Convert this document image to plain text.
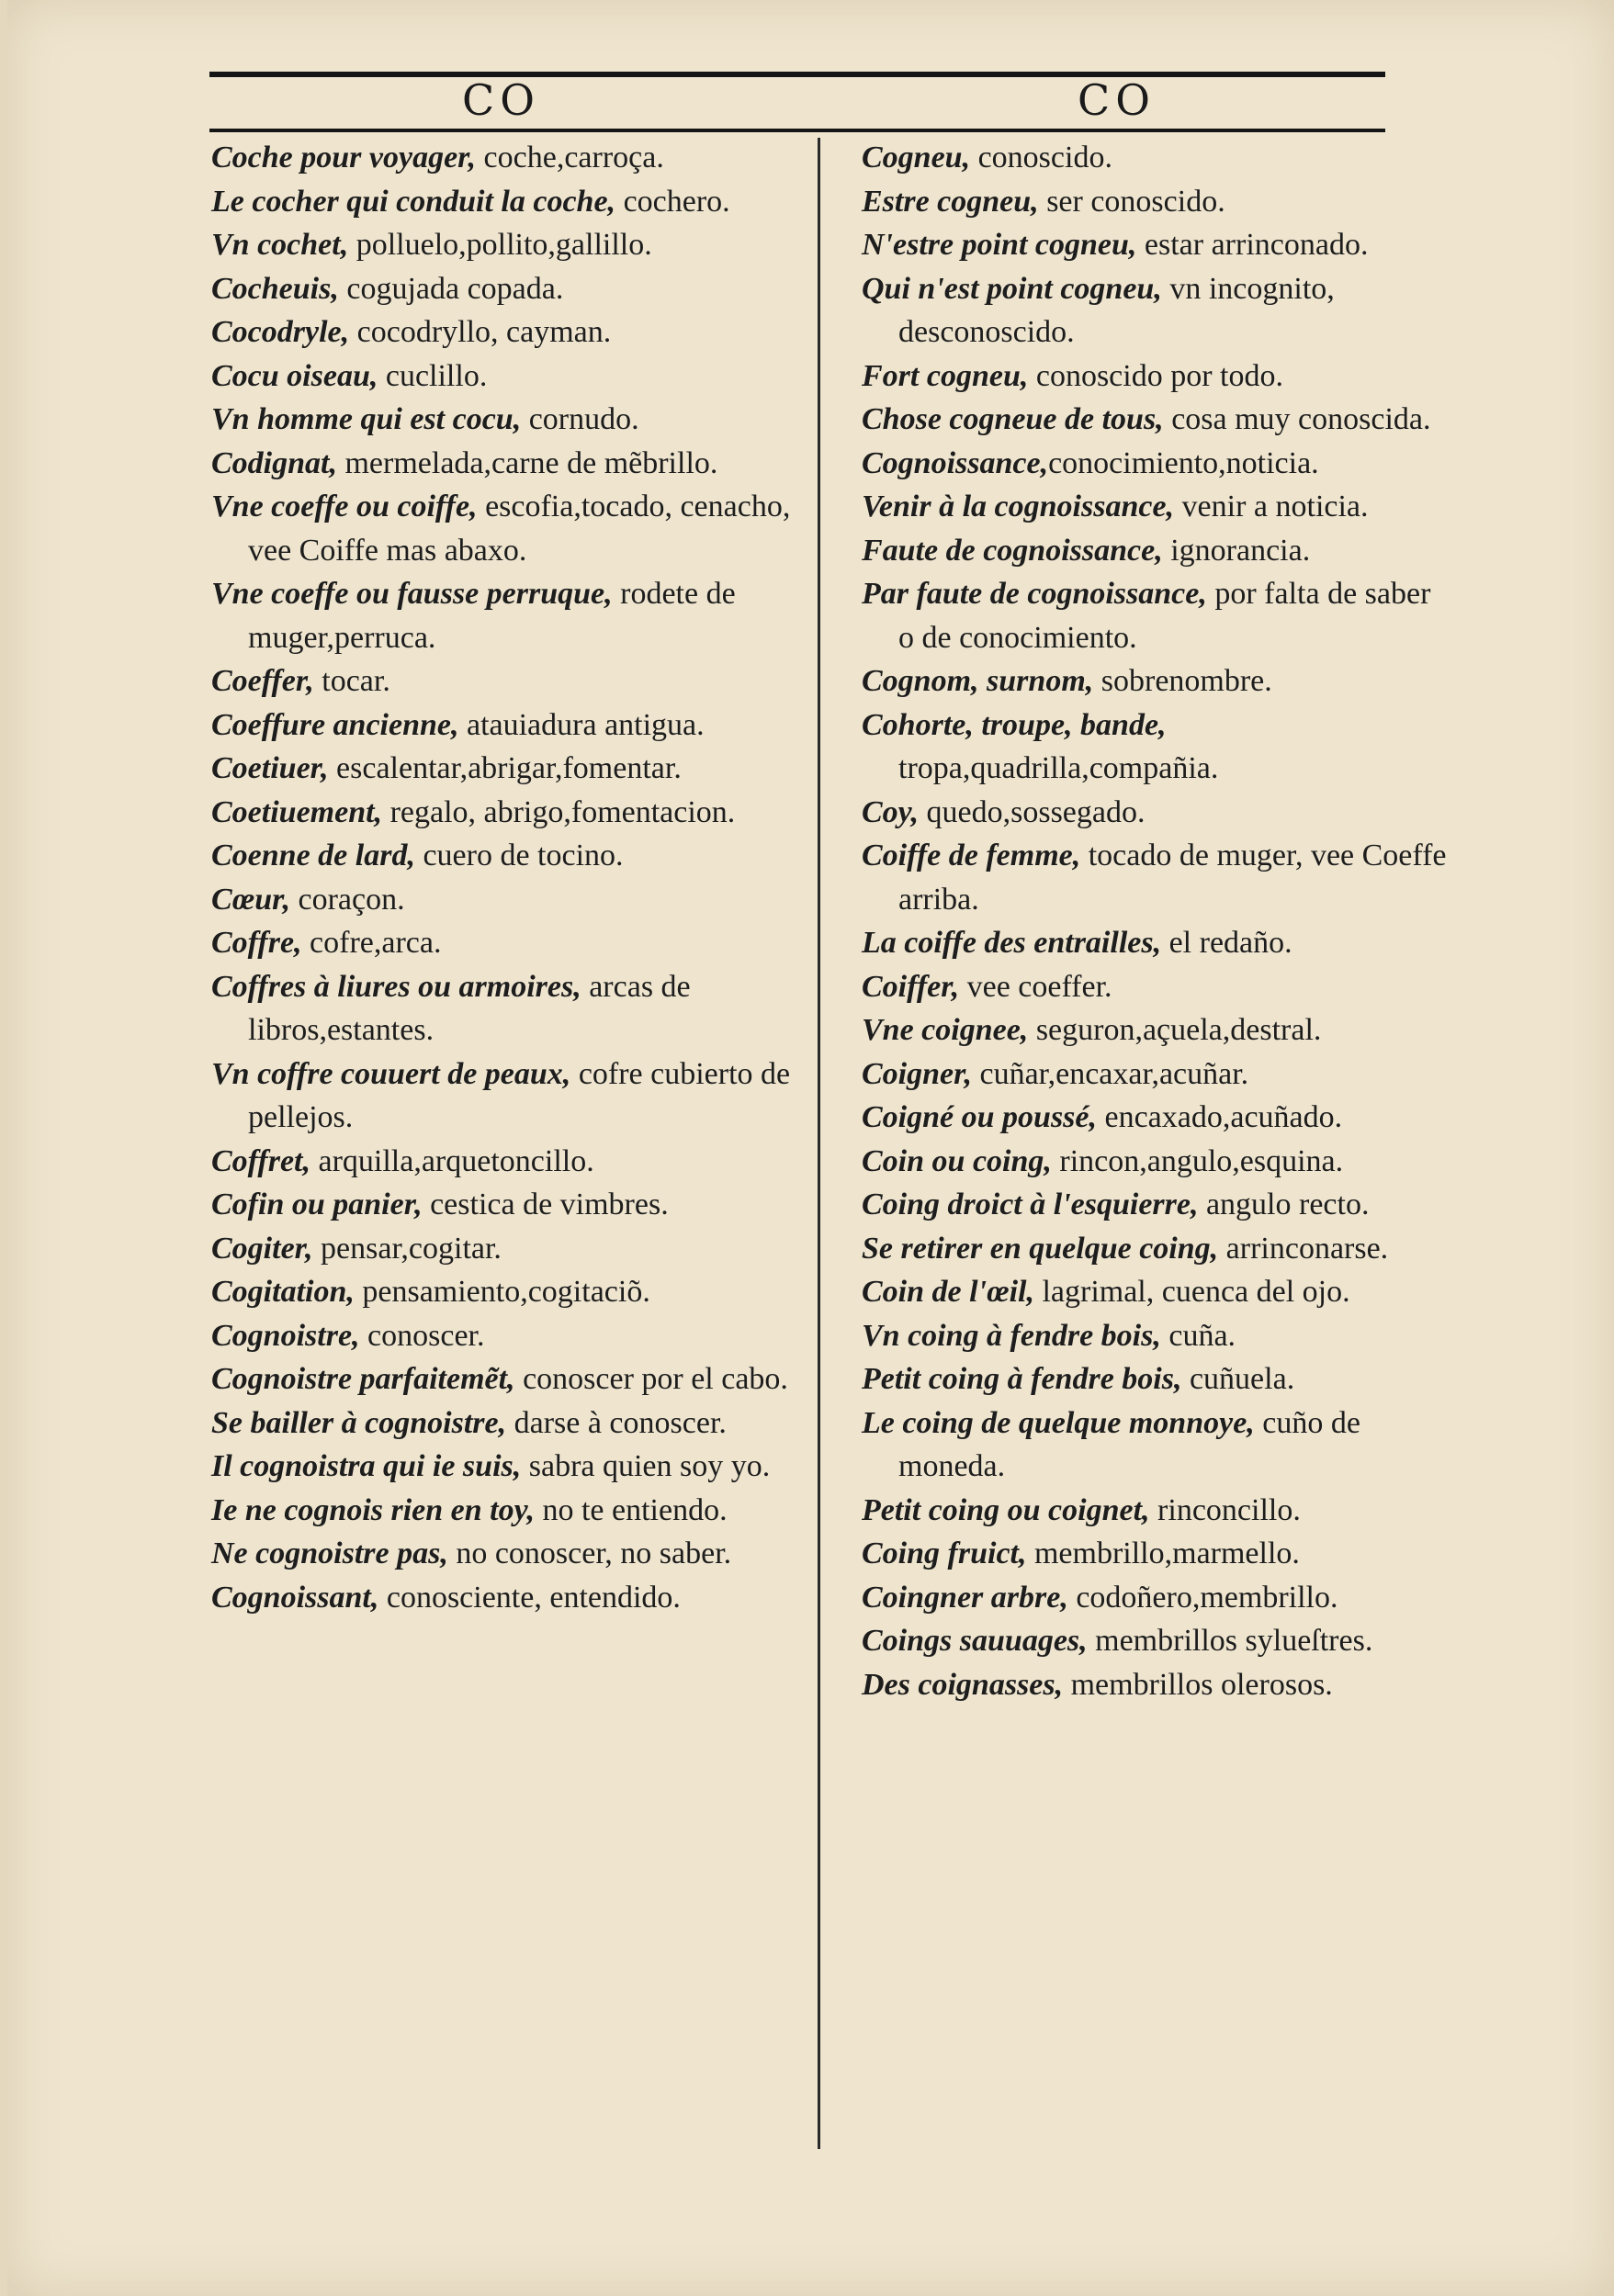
CO	CO

Coche pour voyager, coche,carroça.

Le cocher qui conduit la coche, cochero.

Vn cochet, polluelo,pollito,gallillo.

Cocheuis, cogujada copada.

Cocodryle, cocodryllo, cayman.

Cocu oiseau, cuclillo.

Vn homme qui est cocu, cornudo.

Codignat, mermelada,carne de mẽbrillo.

Vne coeffe ou coiffe, escofia,tocado, cenacho, vee Coiffe mas abaxo.

Vne coeffe ou fausse perruque, rodete de muger,perruca.

Coeffer, tocar.

Coeffure ancienne, atauiadura antigua.

Coetiuer, escalentar,abrigar,fomentar.

Coetiuement, regalo, abrigo,fomentacion.

Coenne de lard, cuero de tocino.

Cœur, coraçon.

Coffre, cofre,arca.

Coffres à liures ou armoires, arcas de libros,estantes.

Vn coffre couuert de peaux, cofre cubierto de pellejos.

Coffret, arquilla,arquetoncillo.

Cofin ou panier, cestica de vimbres.

Cogiter, pensar,cogitar.

Cogitation, pensamiento,cogitaciõ.

Cognoistre, conoscer.

Cognoistre parfaitemẽt, conoscer por el cabo.

Se bailler à cognoistre, darse à conoscer.

Il cognoistra qui ie suis, sabra quien soy yo.

Ie ne cognois rien en toy, no te entiendo.

Ne cognoistre pas, no conoscer, no saber.

Cognoissant, conosciente, entendido.

Cogneu, conoscido.

Estre cogneu, ser conoscido.

N'estre point cogneu, estar arrinconado.

Qui n'est point cogneu, vn incognito, desconoscido.

Fort cogneu, conoscido por todo.

Chose cogneue de tous, cosa muy conoscida.

Cognoissance,conocimiento,noticia.

Venir à la cognoissance, venir a noticia.

Faute de cognoissance, ignorancia.

Par faute de cognoissance, por falta de saber o de conocimiento.

Cognom, surnom, sobrenombre.

Cohorte, troupe, bande, tropa,quadrilla,compañia.

Coy, quedo,sossegado.

Coiffe de femme, tocado de muger, vee Coeffe arriba.

La coiffe des entrailles, el redaño.

Coiffer, vee coeffer.

Vne coignee, seguron,açuela,destral.

Coigner, cuñar,encaxar,acuñar.

Coigné ou poussé, encaxado,acuñado.

Coin ou coing, rincon,angulo,esquina.

Coing droict à l'esquierre, angulo recto.

Se retirer en quelque coing, arrinconarse.

Coin de l'œil, lagrimal, cuenca del ojo.

Vn coing à fendre bois, cuña.

Petit coing à fendre bois, cuñuela.

Le coing de quelque monnoye, cuño de moneda.

Petit coing ou coignet, rinconcillo.

Coing fruict, membrillo,marmello.

Coingner arbre, codoñero,membrillo.

Coings sauuages, membrillos sylueſtres.

Des coignasses, membrillos olerosos.
